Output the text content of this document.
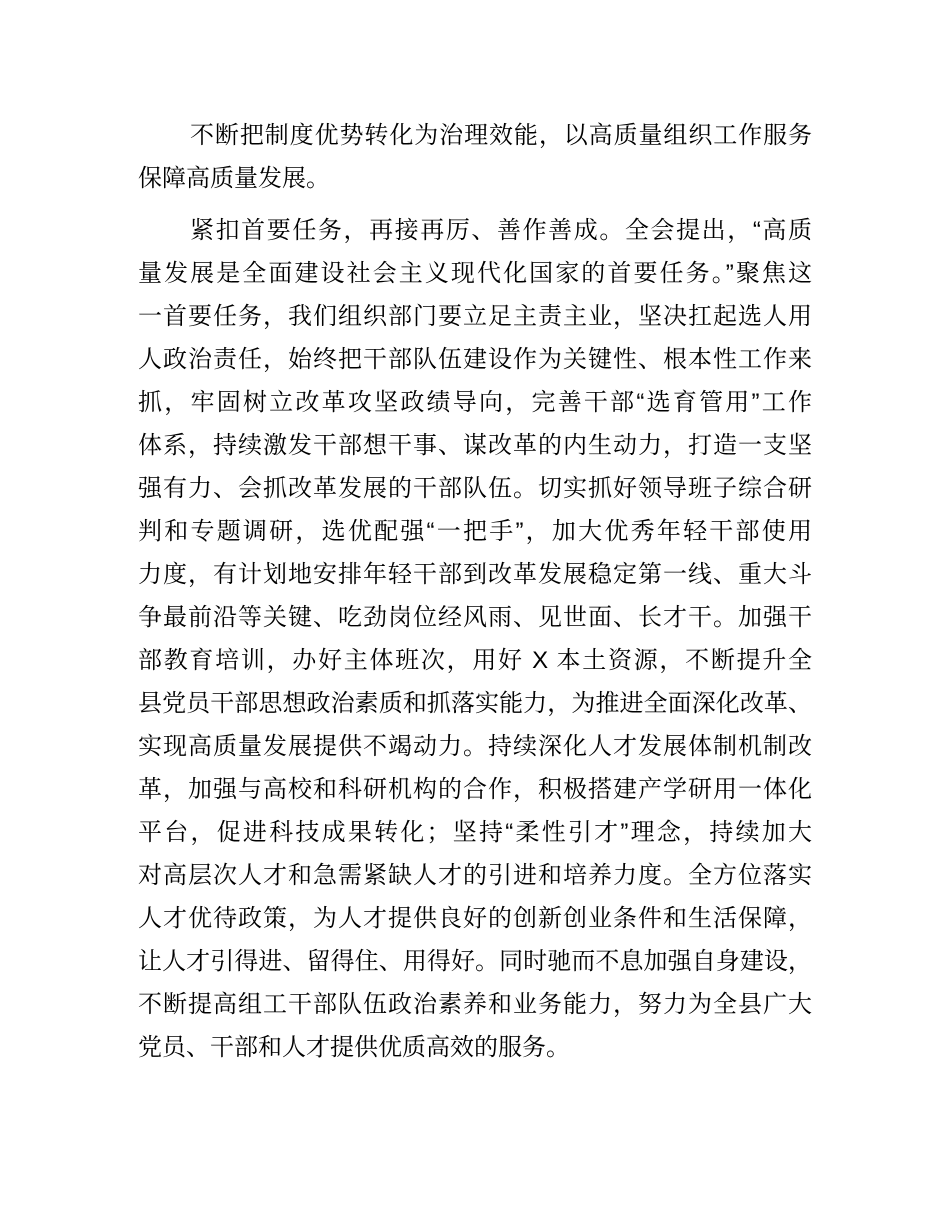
不断把制度优势转化为治理效能，以高质量组织工作服务
保障高质量发展。
紧扣首要任务，再接再厉、善作善成。全会提出，“高质
量发展是全面建设社会主义现代化国家的首要任务。”聚焦这
一首要任务，我们组织部门要立足主责主业，坚决扛起选人用
人政治责任，始终把干部队伍建设作为关键性、根本性工作来
抓，牢固树立改革攻坚政绩导向，完善干部“选育管用”工作
体系，持续激发干部想干事、谋改革的内生动力，打造一支坚
强有力、会抓改革发展的干部队伍。切实抓好领导班子综合研
判和专题调研，选优配强“一把手”，加大优秀年轻干部使用
力度，有计划地安排年轻干部到改革发展稳定第一线、重大斗
争最前沿等关键、吃劲岗位经风雨、见世面、长才干。加强干
部教育培训，办好主体班次，用好 X 本土资源，不断提升全
县党员干部思想政治素质和抓落实能力，为推进全面深化改革、
实现高质量发展提供不竭动力。持续深化人才发展体制机制改
革，加强与高校和科研机构的合作，积极搭建产学研用一体化
平台，促进科技成果转化；坚持“柔性引才”理念，持续加大
对高层次人才和急需紧缺人才的引进和培养力度。全方位落实
人才优待政策，为人才提供良好的创新创业条件和生活保障，
让人才引得进、留得住、用得好。同时驰而不息加强自身建设，
不断提高组工干部队伍政治素养和业务能力，努力为全县广大
党员、干部和人才提供优质高效的服务。
